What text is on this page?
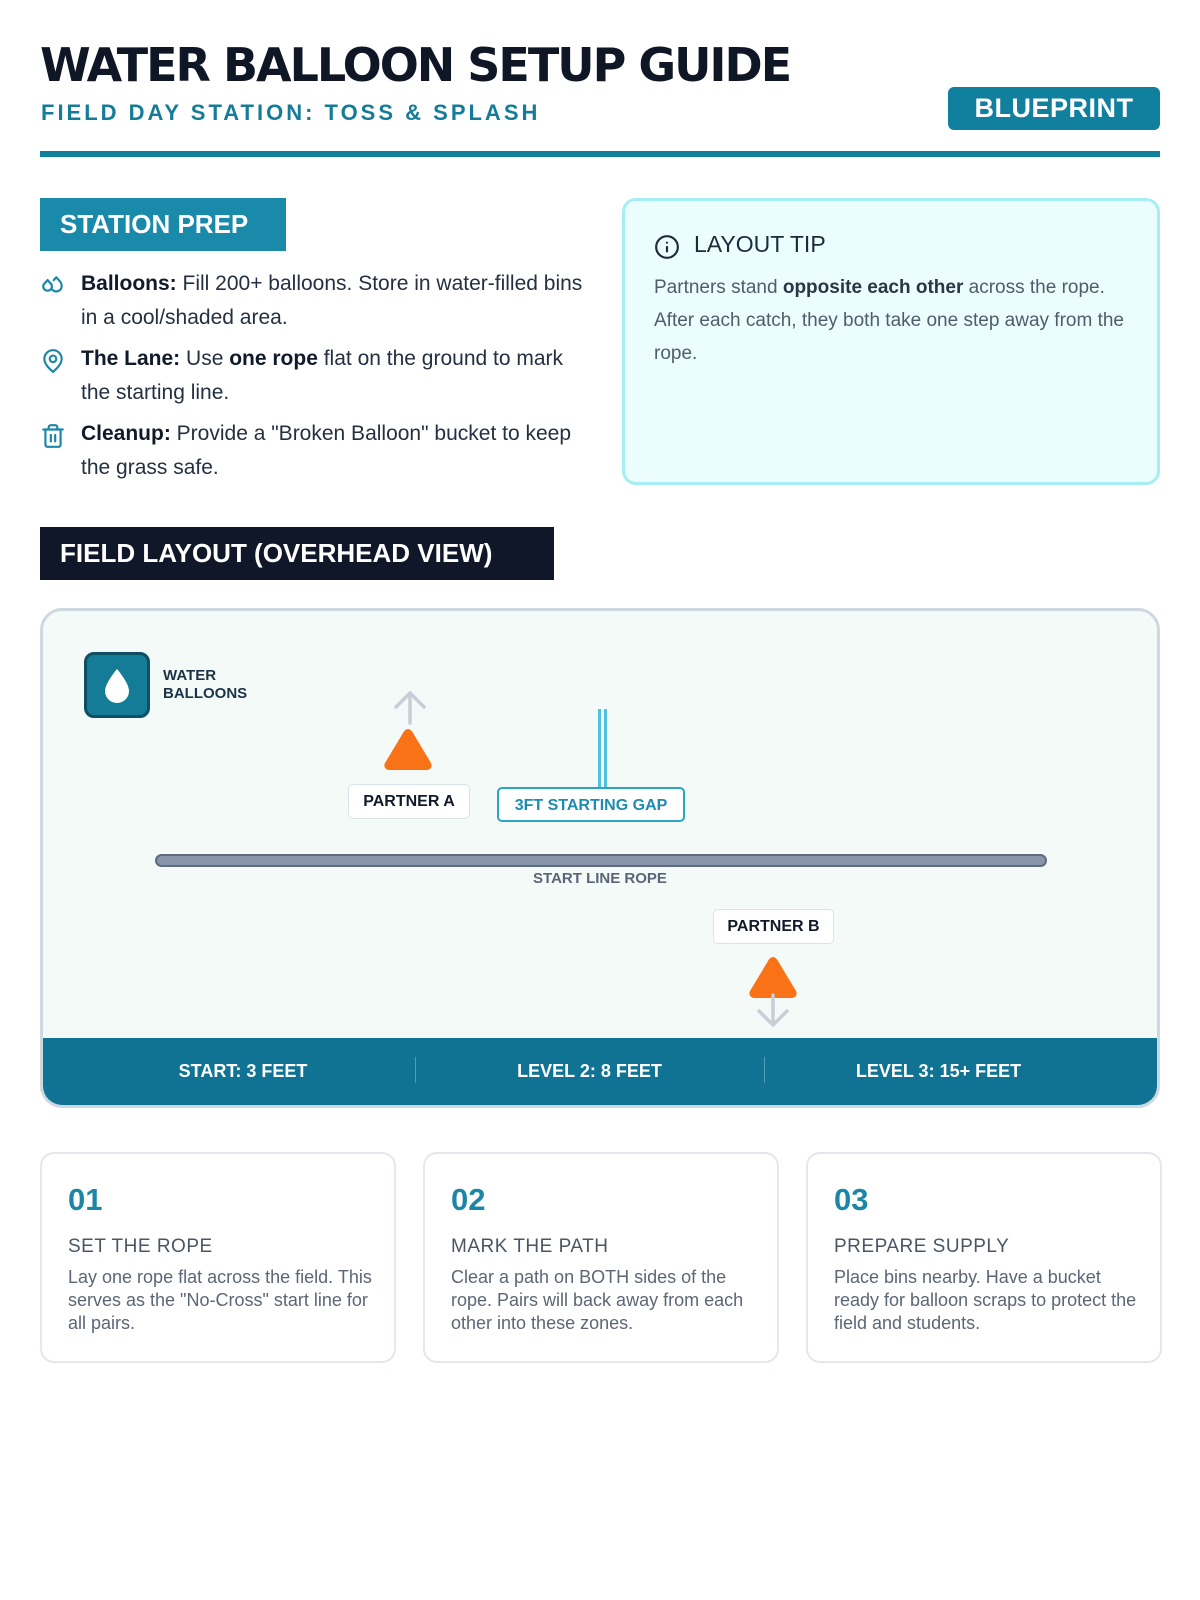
WATER BALLOON SETUP GUIDE
FIELD DAY STATION: TOSS & SPLASH	BLUEPRINT
STATION PREP
Balloons: Fill 200+ balloons. Store in water-filled bins in a cool/shaded area.
The Lane: Use one rope flat on the ground to mark the starting line.
Cleanup: Provide a "Broken Balloon" bucket to keep the grass safe.
LAYOUT TIP
Partners stand opposite each other across the rope. After each catch, they both take one step away from the rope.
FIELD LAYOUT (OVERHEAD VIEW)
WATER
BALLOONS
PARTNER A	3FT STARTING GAP
START LINE ROPE
PARTNER B
START: 3 FEET	LEVEL 2: 8 FEET	LEVEL 3: 15+ FEET
01
SET THE ROPE
Lay one rope flat across the field. This serves as the "No-Cross" start line for all pairs.
02
MARK THE PATH
Clear a path on BOTH sides of the rope. Pairs will back away from each other into these zones.
03
PREPARE SUPPLY
Place bins nearby. Have a bucket ready for balloon scraps to protect the field and students.
